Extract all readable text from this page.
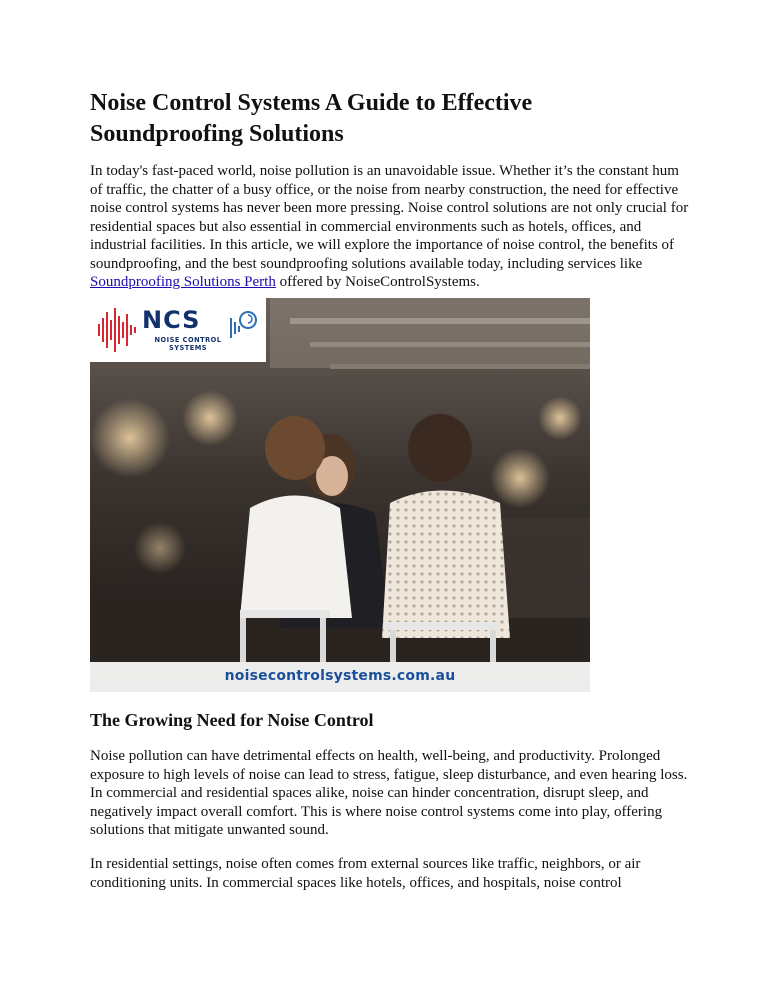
Noise Control Systems A Guide to Effective Soundproofing Solutions

In today's fast-paced world, noise pollution is an unavoidable issue. Whether it’s the constant hum of traffic, the chatter of a busy office, or the noise from nearby construction, the need for effective noise control systems has never been more pressing. Noise control solutions are not only crucial for residential spaces but also essential in commercial environments such as hotels, offices, and industrial facilities. In this article, we will explore the importance of noise control, the benefits of soundproofing, and the best soundproofing solutions available today, including services like Soundproofing Solutions Perth offered by NoiseControlSystems.

NCS
NOISE CONTROL
SYSTEMS
noisecontrolsystems.com.au
The Growing Need for Noise Control

Noise pollution can have detrimental effects on health, well-being, and productivity. Prolonged exposure to high levels of noise can lead to stress, fatigue, sleep disturbance, and even hearing loss. In commercial and residential spaces alike, noise can hinder concentration, disrupt sleep, and negatively impact overall comfort. This is where noise control systems come into play, offering solutions that mitigate unwanted sound.

In residential settings, noise often comes from external sources like traffic, neighbors, or air conditioning units. In commercial spaces like hotels, offices, and hospitals, noise control
